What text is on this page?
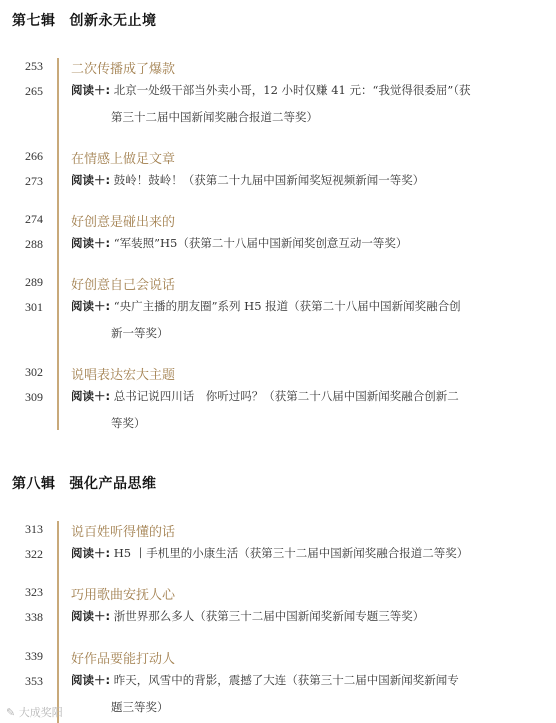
第七辑 创新永无止境
253	二次传播成了爆款
265	阅读＋: 北京一处级干部当外卖小哥，12 小时仅赚 41 元：“我觉得很委屈”（获
第三十二届中国新闻奖融合报道二等奖）
266	在情感上做足文章
273	阅读＋: 鼓岭！鼓岭！（获第二十九届中国新闻奖短视频新闻一等奖）
274	好创意是碰出来的
288	阅读＋: “军装照”H5（获第二十八届中国新闻奖创意互动一等奖）
289	好创意自己会说话
301	阅读＋: “央广主播的朋友圈”系列 H5 报道（获第二十八届中国新闻奖融合创
新一等奖）
302	说唱表达宏大主题
309	阅读＋: 总书记说四川话　你听过吗？（获第二十八届中国新闻奖融合创新二
等奖）
第八辑 强化产品思维
313	说百姓听得懂的话
322	阅读＋: H5 丨手机里的小康生活（获第三十二届中国新闻奖融合报道二等奖）
323	巧用歌曲安抚人心
338	阅读＋: 浙世界那么多人（获第三十二届中国新闻奖新闻专题三等奖）
339	好作品要能打动人
353	阅读＋: 昨天，风雪中的背影，震撼了大连（获第三十二届中国新闻奖新闻专
题三等奖）
✎ 大成奖阳
